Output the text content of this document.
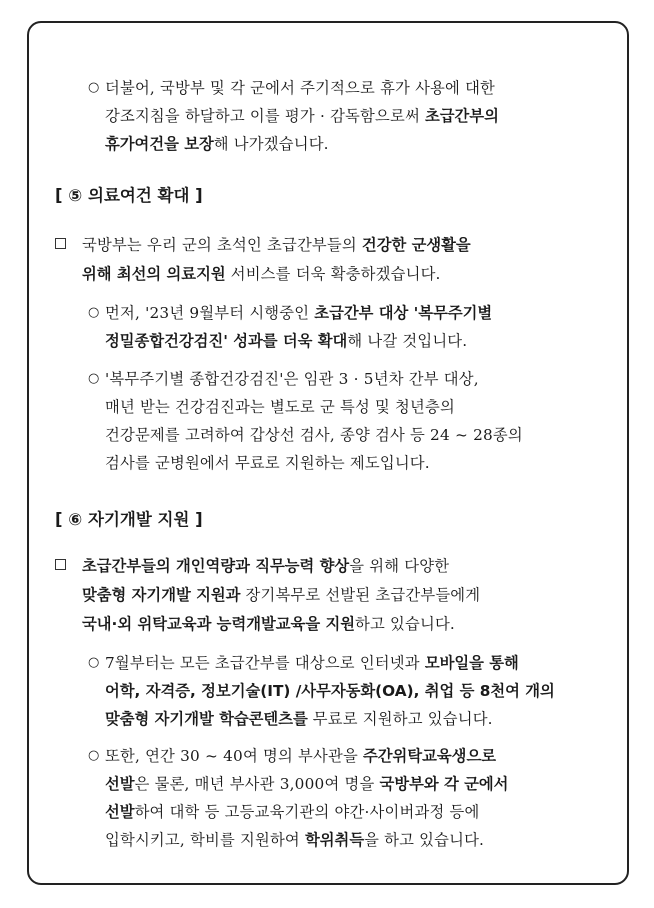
○ 더불어, 국방부 및 각 군에서 주기적으로 휴가 사용에 대한
강조지침을 하달하고 이를 평가 · 감독함으로써 초급간부의
휴가여건을 보장해 나가겠습니다.
[ ⑤ 의료여건 확대 ]
국방부는 우리 군의 초석인 초급간부들의 건강한 군생활을
위해 최선의 의료지원 서비스를 더욱 확충하겠습니다.
○ 먼저, '23년 9월부터 시행중인 초급간부 대상 '복무주기별
정밀종합건강검진' 성과를 더욱 확대해 나갈 것입니다.
○ '복무주기별 종합건강검진'은 임관 3 · 5년차 간부 대상,
매년 받는 건강검진과는 별도로 군 특성 및 청년층의
건강문제를 고려하여 갑상선 검사, 종양 검사 등 24 ~ 28종의
검사를 군병원에서 무료로 지원하는 제도입니다.
[ ⑥ 자기개발 지원 ]
초급간부들의 개인역량과 직무능력 향상을 위해 다양한
맞춤형 자기개발 지원과 장기복무로 선발된 초급간부들에게
국내·외 위탁교육과 능력개발교육을 지원하고 있습니다.
○ 7월부터는 모든 초급간부를 대상으로 인터넷과 모바일을 통해
어학, 자격증, 정보기술(IT) /사무자동화(OA), 취업 등 8천여 개의
맞춤형 자기개발 학습콘텐츠를 무료로 지원하고 있습니다.
○ 또한, 연간 30 ~ 40여 명의 부사관을 주간위탁교육생으로
선발은 물론, 매년 부사관 3,000여 명을 국방부와 각 군에서
선발하여 대학 등 고등교육기관의 야간·사이버과정 등에
입학시키고, 학비를 지원하여 학위취득을 하고 있습니다.
